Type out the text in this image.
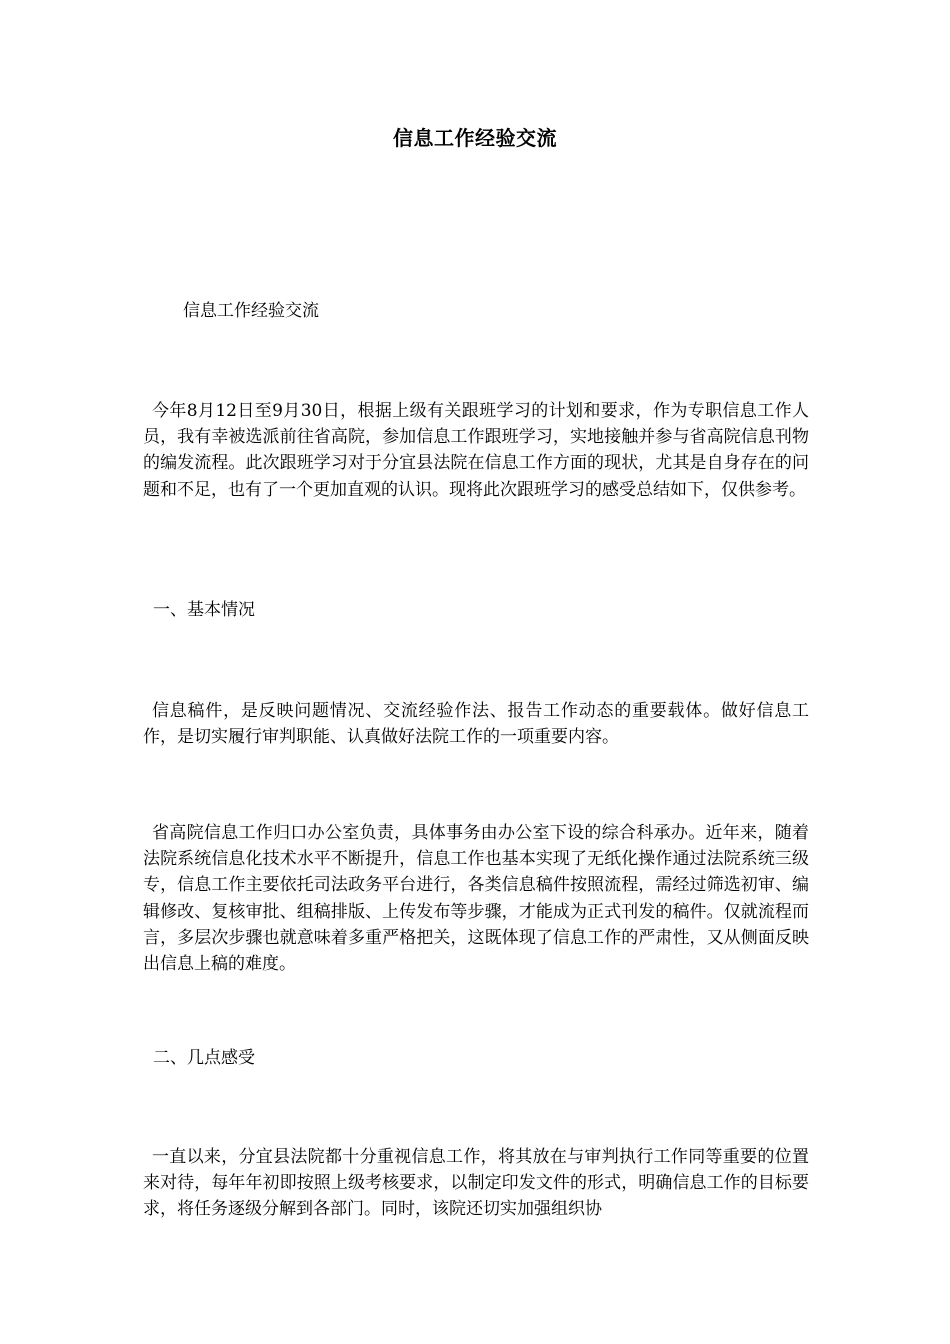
信息工作经验交流
信息工作经验交流

今年8月12日至9月30日，根据上级有关跟班学习的计划和要求，作为专职信息工作人员，我有幸被选派前往省高院，参加信息工作跟班学习，实地接触并参与省高院信息刊物的编发流程。此次跟班学习对于分宜县法院在信息工作方面的现状，尤其是自身存在的问题和不足，也有了一个更加直观的认识。现将此次跟班学习的感受总结如下，仅供参考。

一、基本情况

信息稿件，是反映问题情况、交流经验作法、报告工作动态的重要载体。做好信息工作，是切实履行审判职能、认真做好法院工作的一项重要内容。

省高院信息工作归口办公室负责，具体事务由办公室下设的综合科承办。近年来，随着法院系统信息化技术水平不断提升，信息工作也基本实现了无纸化操作通过法院系统三级专，信息工作主要依托司法政务平台进行，各类信息稿件按照流程，需经过筛选初审、编辑修改、复核审批、组稿排版、上传发布等步骤，才能成为正式刊发的稿件。仅就流程而言，多层次步骤也就意味着多重严格把关，这既体现了信息工作的严肃性，又从侧面反映出信息上稿的难度。

二、几点感受

一直以来，分宜县法院都十分重视信息工作，将其放在与审判执行工作同等重要的位置来对待，每年年初即按照上级考核要求，以制定印发文件的形式，明确信息工作的目标要求，将任务逐级分解到各部门。同时，该院还切实加强组织协
